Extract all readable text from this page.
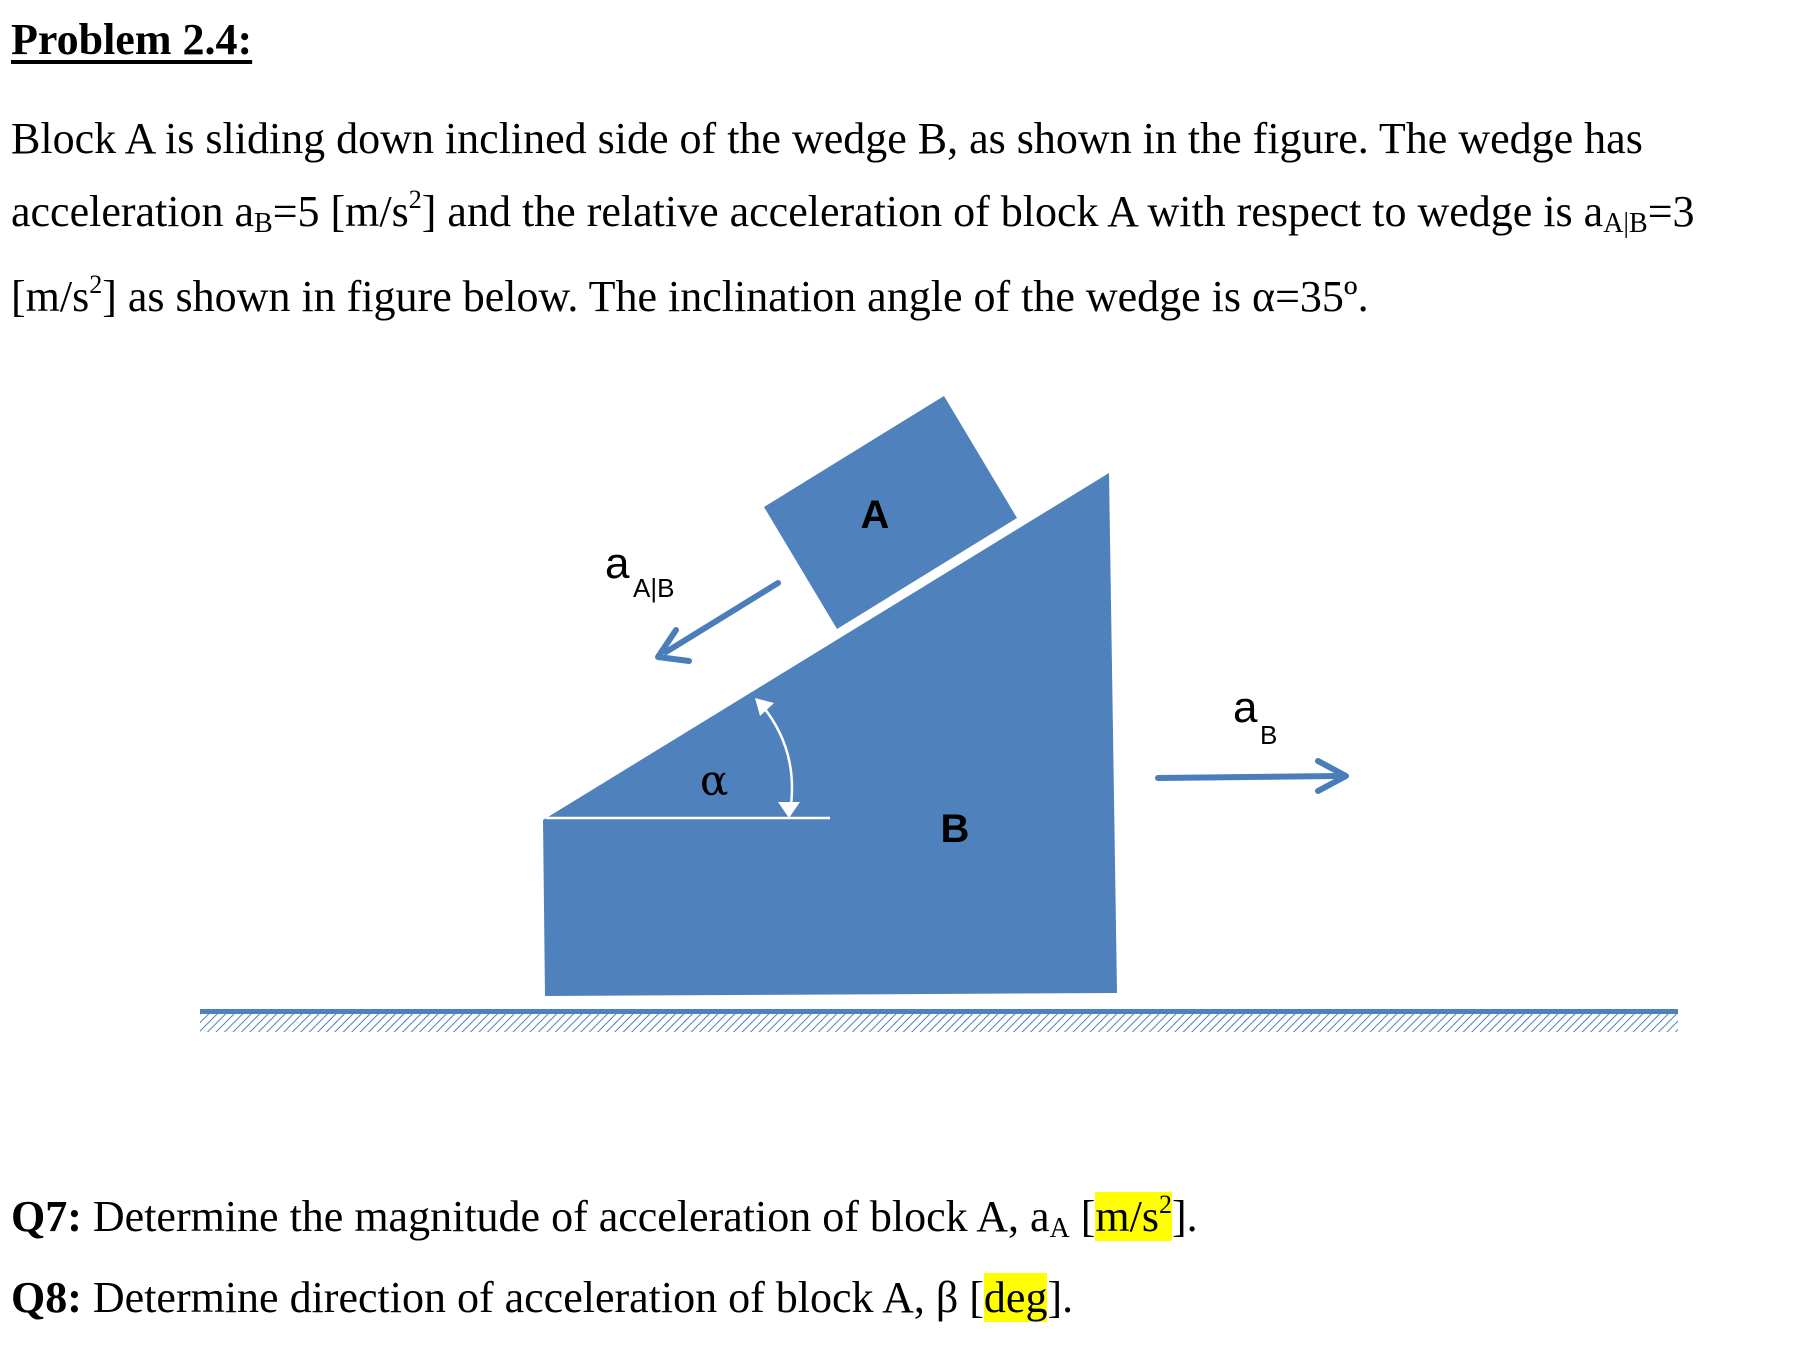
Problem 2.4:

Block A is sliding down inclined side of the wedge B, as shown in the figure. The wedge has

acceleration $a_B=5$ $[m/s^2]$ and the relative acceleration of block A with respect to wedge is $a_{A|B}=3$

$[m/s^2]$ as shown in figure below. The inclination angle of the wedge is α=35º.

A
B
α
a A|B
a
B
Q7: Determine the magnitude of acceleration of block A, $a_A$ $[m/s^2]$.
Q8: Determine direction of acceleration of block A, β [deg].
